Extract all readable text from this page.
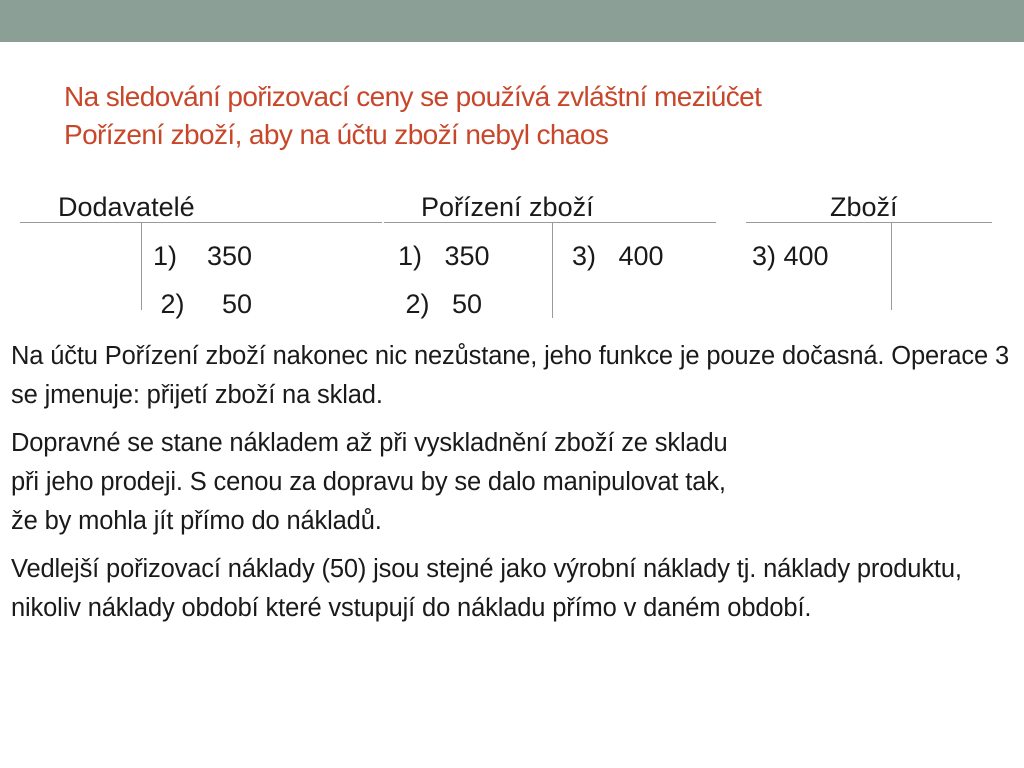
Na sledování pořizovací ceny se používá zvláštní meziúčet
Pořízení zboží, aby na účtu zboží nebyl chaos
Dodavatelé
1)    350
2)     50
Pořízení zboží
1)   350
2)   50
3)   400
Zboží
3) 400

Na účtu Pořízení zboží nakonec nic nezůstane, jeho funkce je pouze dočasná. Operace 3 se jmenuje: přijetí zboží na sklad.

Dopravné se stane nákladem až při vyskladnění zboží ze skladu

při jeho prodeji. S cenou za dopravu by se dalo manipulovat tak,

že by mohla jít přímo do nákladů.

Vedlejší pořizovací náklady (50) jsou stejné jako výrobní náklady tj. náklady produktu, nikoliv náklady období které vstupují do nákladu přímo v daném období.
